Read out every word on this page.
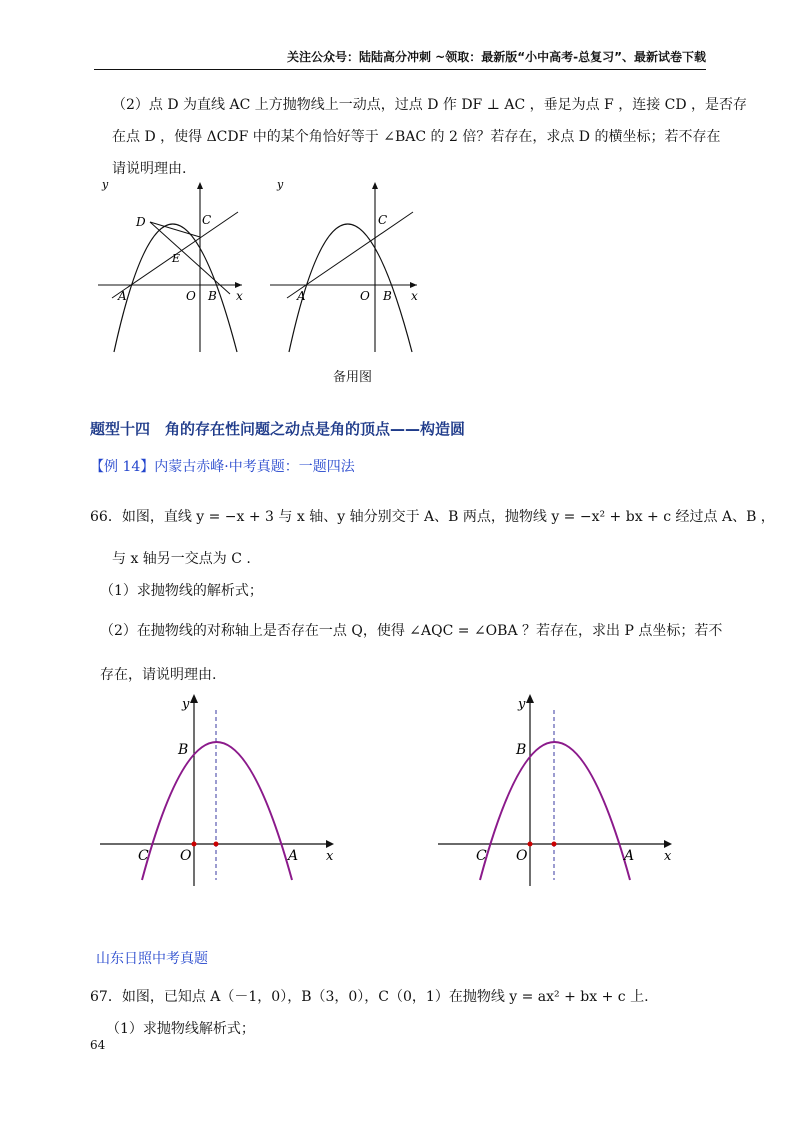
关注公众号：陆陆高分冲刺 ~领取：最新版“小中高考-总复习”、最新试卷下载
（2）点 D 为直线 AC 上方抛物线上一动点，过点 D 作 DF ⊥ AC ，垂足为点 F ，连接 CD ，是否存
在点 D ，使得 ΔCDF 中的某个角恰好等于 ∠BAC 的 2 倍？若存在，求点 D 的横坐标；若不存在
请说明理由.
y
x
D	C
E
A	O B
y
x
C
A	O B
备用图
题型十四　角的存在性问题之动点是角的顶点——构造圆
【例 14】内蒙古赤峰·中考真题：一题四法
66．如图，直线 y = −x + 3 与 x 轴、y 轴分别交于 A、B 两点，抛物线 y = −x² + bx + c 经过点 A、B ，
与 x 轴另一交点为 C .
（1）求抛物线的解析式；
（2）在抛物线的对称轴上是否存在一点 Q，使得 ∠AQC = ∠OBA ？若存在，求出 P 点坐标；若不
存在，请说明理由.
y
x
B
C O	A
y
x
B
C O	A
山东日照中考真题
67．如图，已知点 A（－1，0），B（3，0），C（0，1）在抛物线 y = ax² + bx + c 上.
（1）求抛物线解析式；
64
